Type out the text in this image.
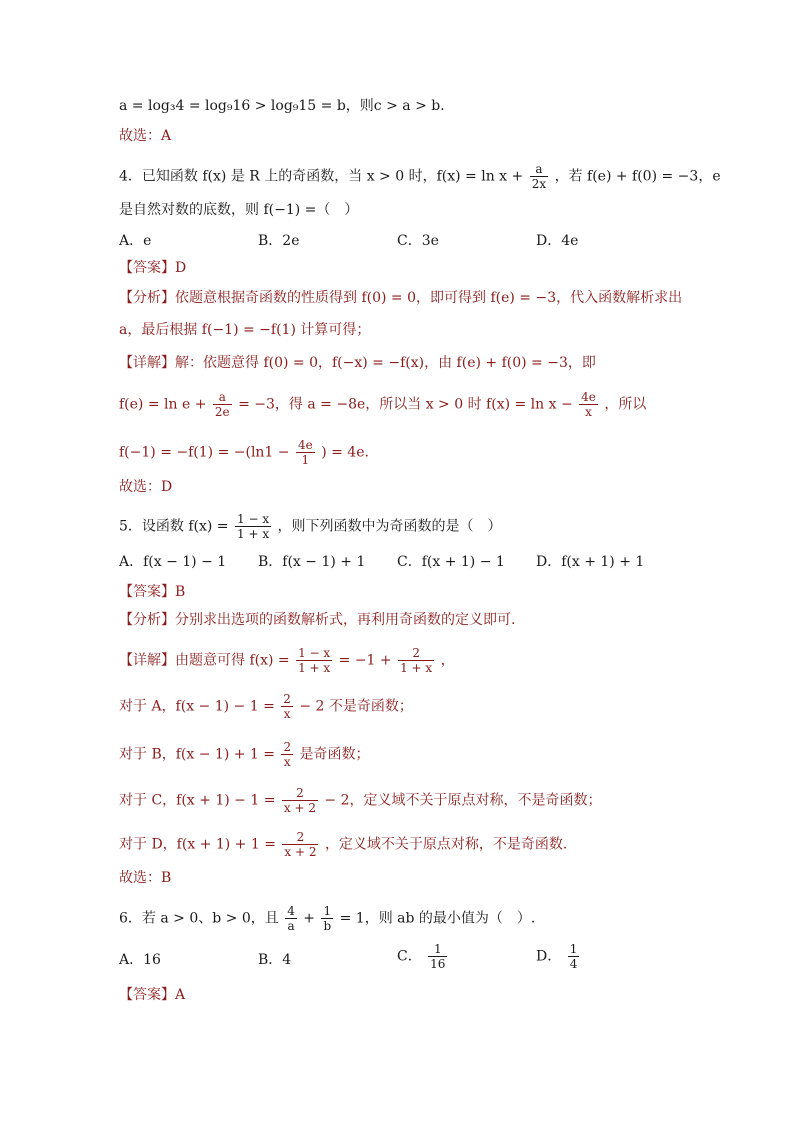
a = log₃4 = log₉16 > log₉15 = b，则c > a > b．
故选：A
4．已知函数 f(x) 是 R 上的奇函数，当 x > 0 时，$f(x) = \ln x + \frac{a}{2x}$ ，若 f(e) + f(0) = −3，e
是自然对数的底数，则 f(−1) =（　）
A．e	B．2e	C．3e	D．4e
【答案】D
【分析】依题意根据奇函数的性质得到 f(0) = 0，即可得到 f(e) = −3，代入函数解析求出
a，最后根据 f(−1) = −f(1) 计算可得；
【详解】解：依题意得 f(0) = 0，f(−x) = −f(x)，由 f(e) + f(0) = −3，即
$f(e) = \ln e + \frac{a}{2e} = -3$，得 a = −8e，所以当 x > 0 时 $f(x) = \ln x - \frac{4e}{x}$ ，所以
$f(-1) = -f(1) = -(\ln 1 - \frac{4e}{1}$ ) = 4e.
故选：D
5．设函数 $f(x) = \frac{1 - x}{1 + x}$ ，则下列函数中为奇函数的是（　）
A．f(x − 1) − 1 B．f(x − 1) + 1 C．f(x + 1) − 1 D．f(x + 1) + 1
【答案】B
【分析】分别求出选项的函数解析式，再利用奇函数的定义即可.
【详解】由题意可得 $f(x) = \frac{1 - x}{1 + x} = -1 + \frac{2}{1 + x}$ ，
对于 A，$f(x - 1) - 1 = \frac{2}{x} - 2$ 不是奇函数；
对于 B，$f(x - 1) + 1 = \frac{2}{x}$ 是奇函数；
对于 C，$f(x + 1) - 1 = \frac{2}{x + 2} - 2$，定义域不关于原点对称，不是奇函数；
对于 D，$f(x + 1) + 1 = \frac{2}{x + 2}$ ，定义域不关于原点对称，不是奇函数.
故选：B
6．若 a > 0、b > 0，且 $\frac{4}{a} + \frac{1}{b} = 1$，则 ab 的最小值为（　）.
A．16	B．4	C． $\frac{1}{16}$	D． $\frac{1}{4}$
【答案】A
